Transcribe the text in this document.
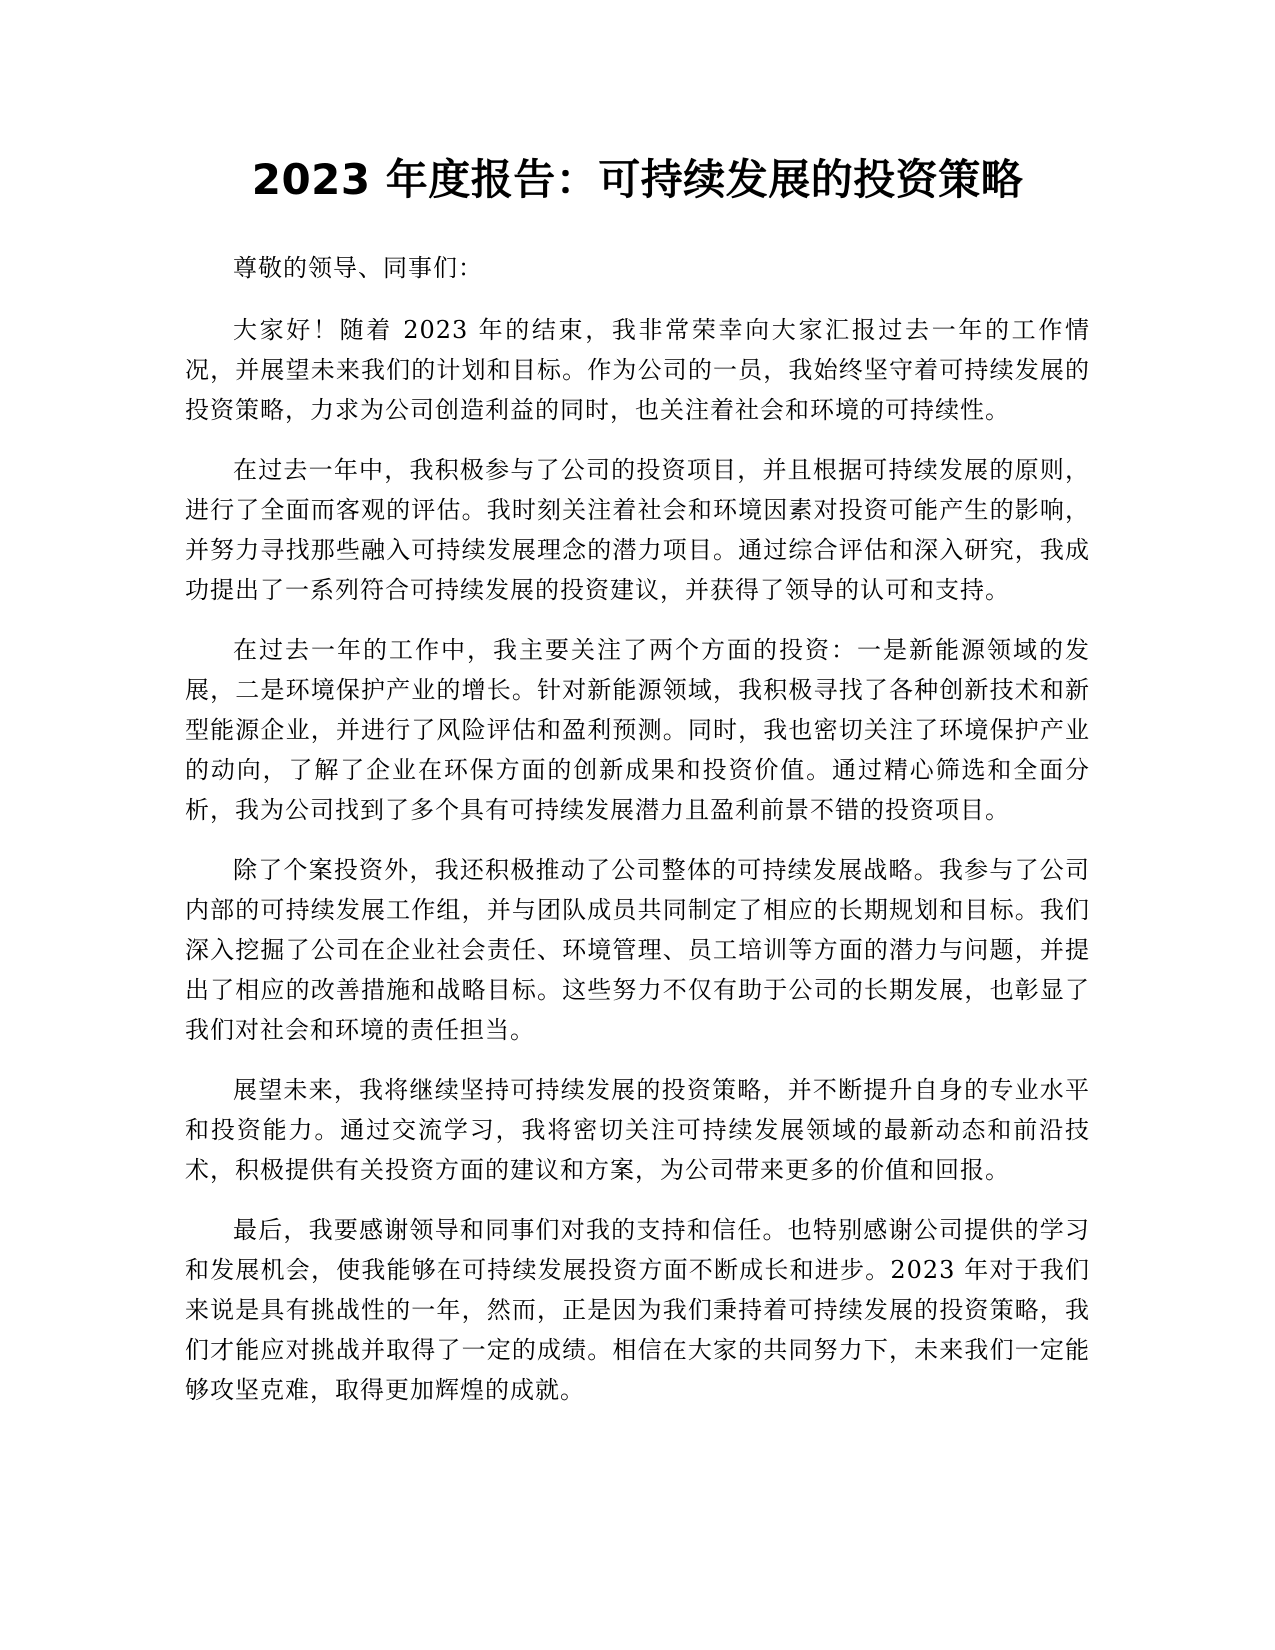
2023 年度报告：可持续发展的投资策略

尊敬的领导、同事们：

大家好！随着 2023 年的结束，我非常荣幸向大家汇报过去一年的工作情况，并展望未来我们的计划和目标。作为公司的一员，我始终坚守着可持续发展的投资策略，力求为公司创造利益的同时，也关注着社会和环境的可持续性。

在过去一年中，我积极参与了公司的投资项目，并且根据可持续发展的原则，进行了全面而客观的评估。我时刻关注着社会和环境因素对投资可能产生的影响，并努力寻找那些融入可持续发展理念的潜力项目。通过综合评估和深入研究，我成功提出了一系列符合可持续发展的投资建议，并获得了领导的认可和支持。

在过去一年的工作中，我主要关注了两个方面的投资：一是新能源领域的发展，二是环境保护产业的增长。针对新能源领域，我积极寻找了各种创新技术和新型能源企业，并进行了风险评估和盈利预测。同时，我也密切关注了环境保护产业的动向，了解了企业在环保方面的创新成果和投资价值。通过精心筛选和全面分析，我为公司找到了多个具有可持续发展潜力且盈利前景不错的投资项目。

除了个案投资外，我还积极推动了公司整体的可持续发展战略。我参与了公司内部的可持续发展工作组，并与团队成员共同制定了相应的长期规划和目标。我们深入挖掘了公司在企业社会责任、环境管理、员工培训等方面的潜力与问题，并提出了相应的改善措施和战略目标。这些努力不仅有助于公司的长期发展，也彰显了我们对社会和环境的责任担当。

展望未来，我将继续坚持可持续发展的投资策略，并不断提升自身的专业水平和投资能力。通过交流学习，我将密切关注可持续发展领域的最新动态和前沿技术，积极提供有关投资方面的建议和方案，为公司带来更多的价值和回报。

最后，我要感谢领导和同事们对我的支持和信任。也特别感谢公司提供的学习和发展机会，使我能够在可持续发展投资方面不断成长和进步。2023 年对于我们来说是具有挑战性的一年，然而，正是因为我们秉持着可持续发展的投资策略，我们才能应对挑战并取得了一定的成绩。相信在大家的共同努力下，未来我们一定能够攻坚克难，取得更加辉煌的成就。
